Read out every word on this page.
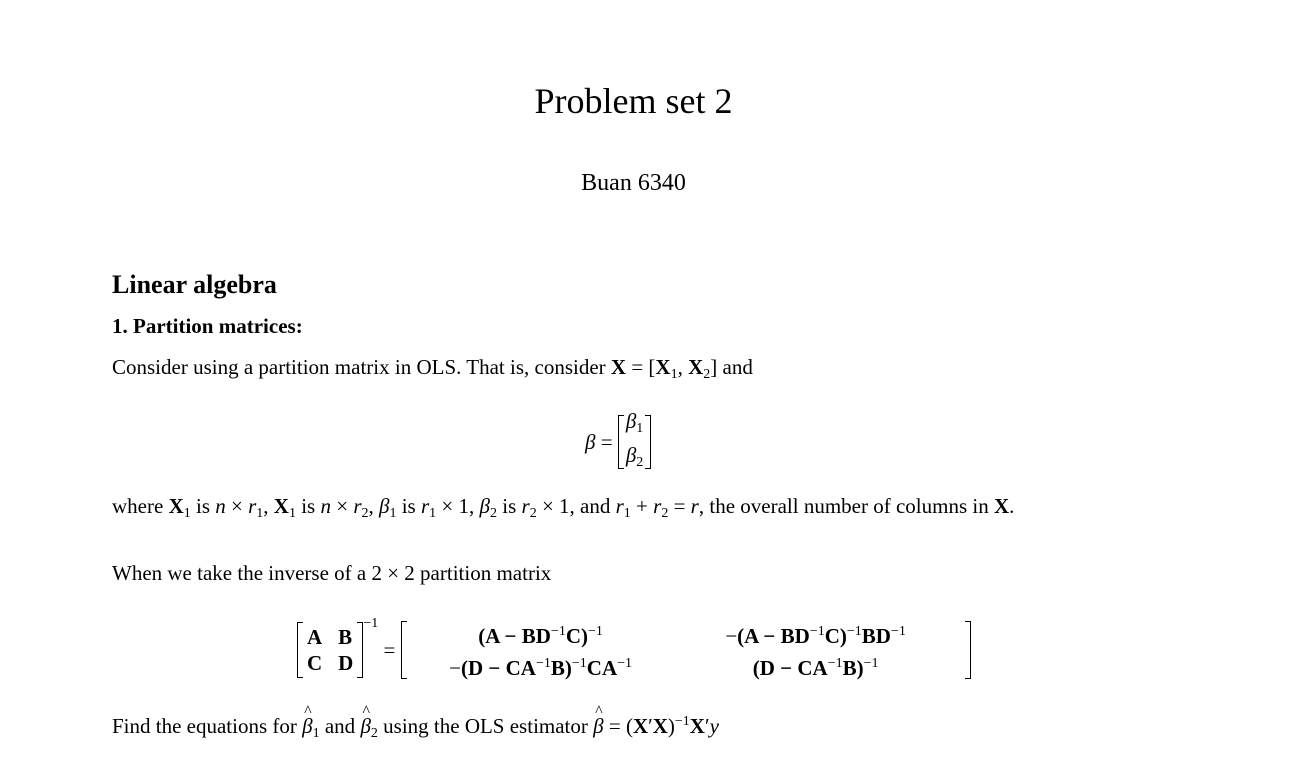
Problem set 2
Buan 6340
Linear algebra
1. Partition matrices:
Consider using a partition matrix in OLS. That is, consider $X = [X_1$, $X_2$] and
β =
$\beta_1$
$\beta_2$
where $X_1$ is $n \times r_1$, $X_1$ is $n \times r_2$, $\beta_1$ is $r_1 \times 1$, $\beta_2$ is $r_2 \times 1$, and $r_1 + r_2 = r$, the overall number of columns in X.
When we take the inverse of a 2 × 2 partition matrix
A B
C D
$^{-1}$
=
$(A - BD^{-1}C)^{-1}$	$-(A - BD^{-1}C)^{-1}BD^{-1}$
$-(D - CA^{-1}B)^{-1}CA^{-1}$	$(D - CA^{-1}B)^{-1}$
Find the equations for ^ $\beta_1$ and ^ $\beta_2$ using the OLS estimator ^ $\beta = (X'X)^{-1}X'y$
